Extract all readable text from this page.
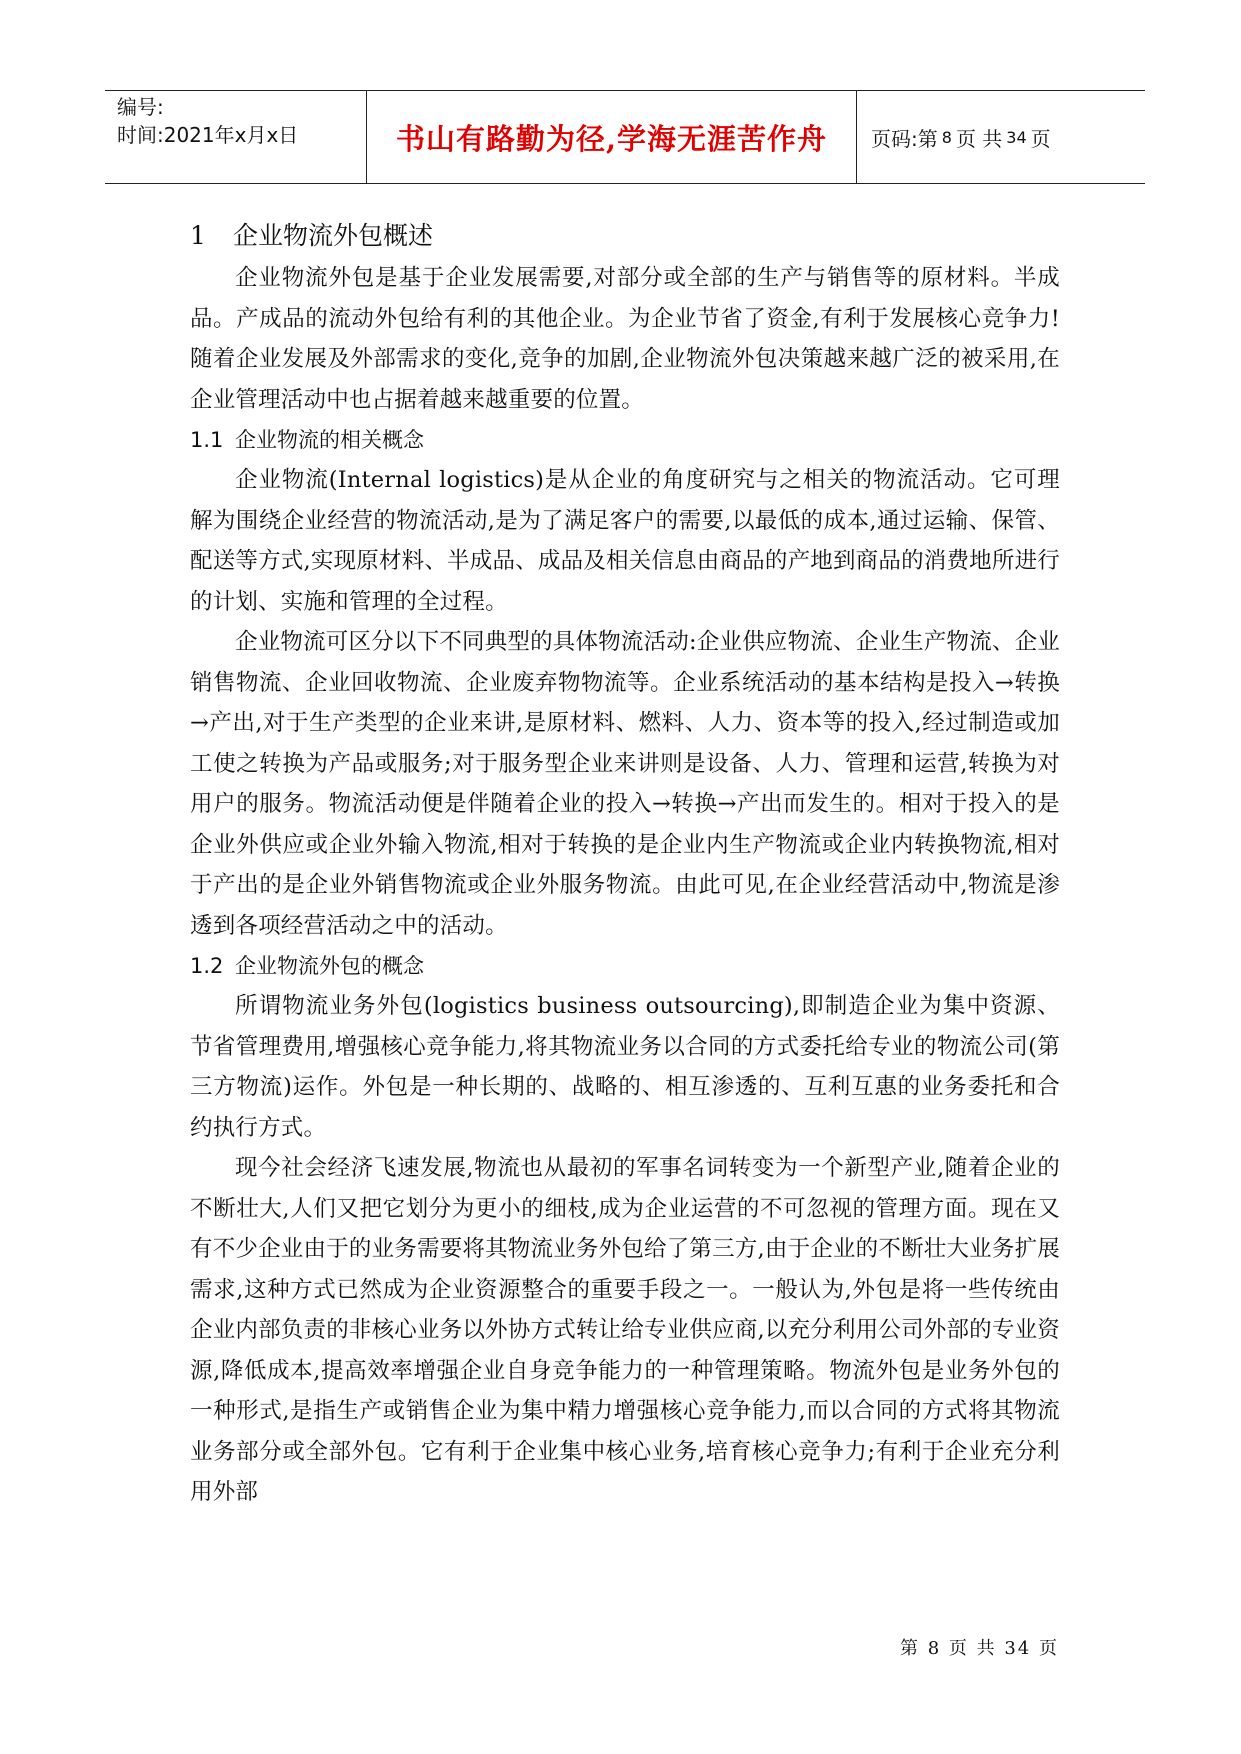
编号:
时间:2021年x月x日	书山有路勤为径,学海无涯苦作舟	页码:第 8 页 共 34 页
1	企业物流外包概述

企业物流外包是基于企业发展需要,对部分或全部的生产与销售等的原材料。半成品。产成品的流动外包给有利的其他企业。为企业节省了资金,有利于发展核心竞争力!随着企业发展及外部需求的变化,竞争的加剧,企业物流外包决策越来越广泛的被采用,在企业管理活动中也占据着越来越重要的位置。

1.1 企业物流的相关概念

企业物流(Internal logistics)是从企业的角度研究与之相关的物流活动。它可理解为围绕企业经营的物流活动,是为了满足客户的需要,以最低的成本,通过运输、保管、配送等方式,实现原材料、半成品、成品及相关信息由商品的产地到商品的消费地所进行的计划、实施和管理的全过程。

企业物流可区分以下不同典型的具体物流活动:企业供应物流、企业生产物流、企业销售物流、企业回收物流、企业废弃物物流等。企业系统活动的基本结构是投入→转换→产出,对于生产类型的企业来讲,是原材料、燃料、人力、资本等的投入,经过制造或加工使之转换为产品或服务;对于服务型企业来讲则是设备、人力、管理和运营,转换为对用户的服务。物流活动便是伴随着企业的投入→转换→产出而发生的。相对于投入的是企业外供应或企业外输入物流,相对于转换的是企业内生产物流或企业内转换物流,相对于产出的是企业外销售物流或企业外服务物流。由此可见,在企业经营活动中,物流是渗透到各项经营活动之中的活动。

1.2 企业物流外包的概念

所谓物流业务外包(logistics business outsourcing),即制造企业为集中资源、节省管理费用,增强核心竞争能力,将其物流业务以合同的方式委托给专业的物流公司(第三方物流)运作。外包是一种长期的、战略的、相互渗透的、互利互惠的业务委托和合约执行方式。

现今社会经济飞速发展,物流也从最初的军事名词转变为一个新型产业,随着企业的不断壮大,人们又把它划分为更小的细枝,成为企业运营的不可忽视的管理方面。现在又有不少企业由于的业务需要将其物流业务外包给了第三方,由于企业的不断壮大业务扩展需求,这种方式已然成为企业资源整合的重要手段之一。一般认为,外包是将一些传统由企业内部负责的非核心业务以外协方式转让给专业供应商,以充分利用公司外部的专业资源,降低成本,提高效率增强企业自身竞争能力的一种管理策略。物流外包是业务外包的一种形式,是指生产或销售企业为集中精力增强核心竞争能力,而以合同的方式将其物流业务部分或全部外包。它有利于企业集中核心业务,培育核心竞争力;有利于企业充分利用外部

第 8 页 共 34 页
